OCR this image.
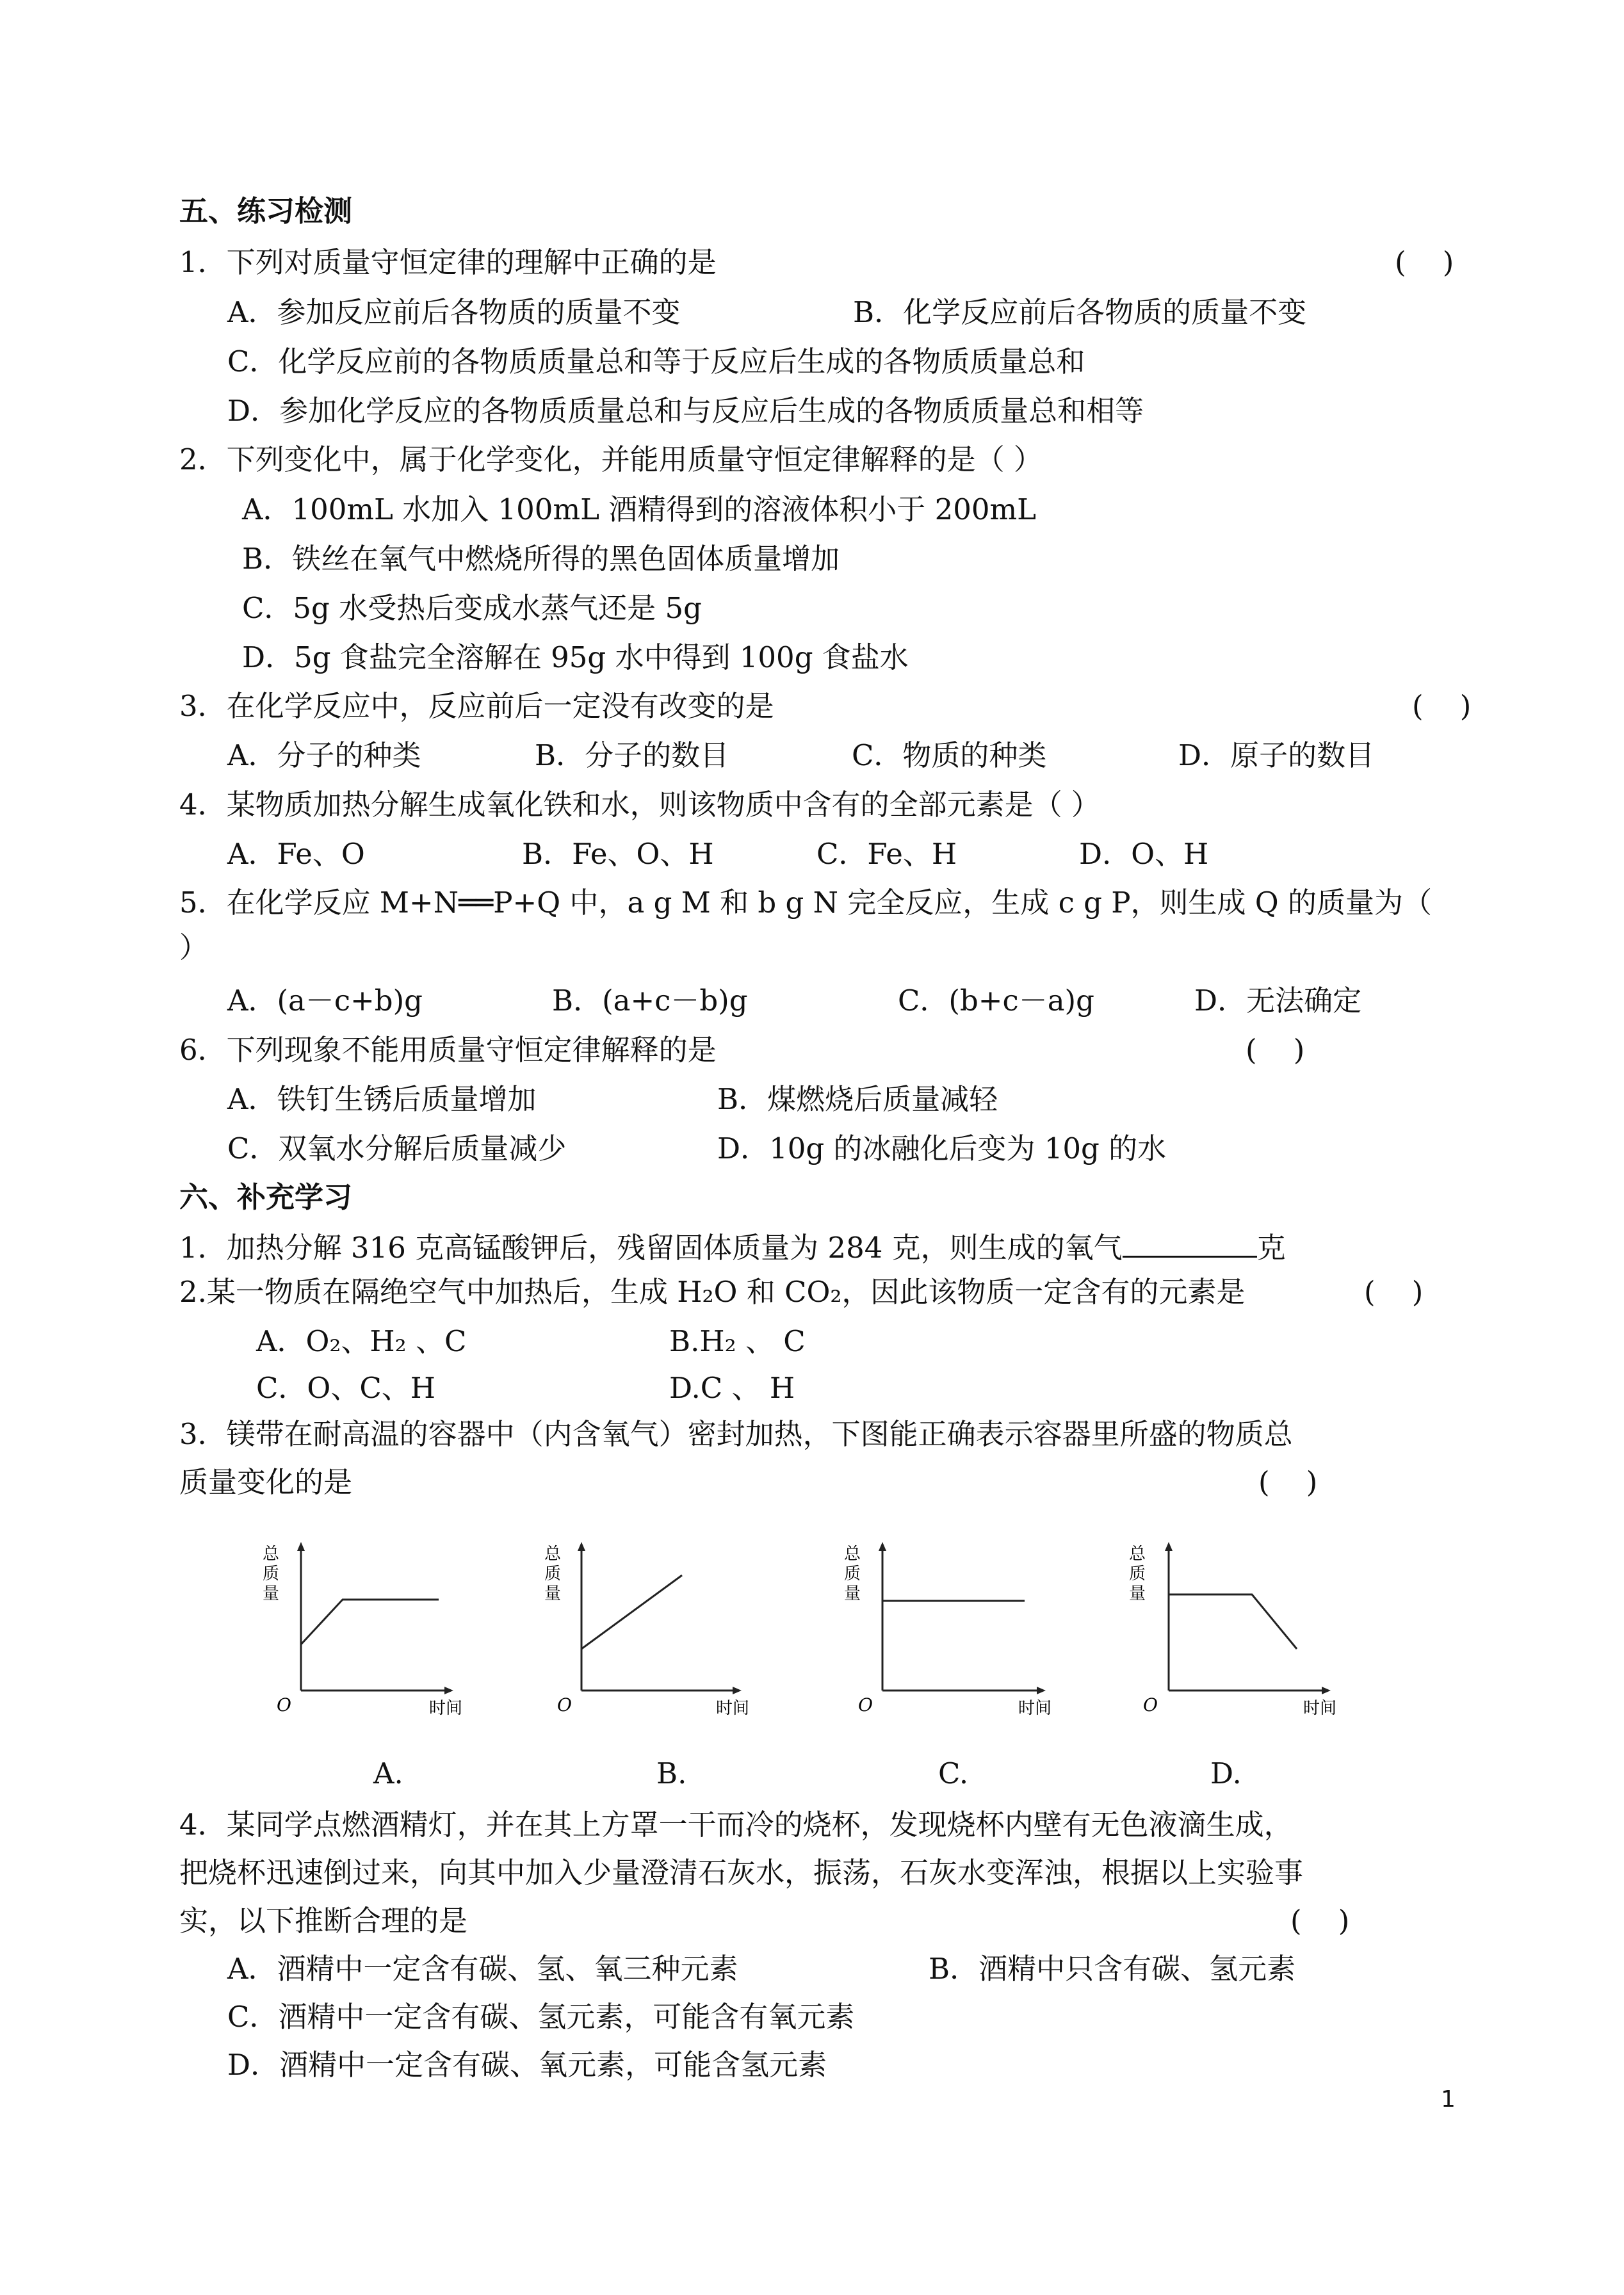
五、练习检测
1．下列对质量守恒定律的理解中正确的是	(    )
A．参加反应前后各物质的质量不变	B．化学反应前后各物质的质量不变
C．化学反应前的各物质质量总和等于反应后生成的各物质质量总和
D．参加化学反应的各物质质量总和与反应后生成的各物质质量总和相等
2．下列变化中，属于化学变化，并能用质量守恒定律解释的是（ ）
A．100mL 水加入 100mL 酒精得到的溶液体积小于 200mL
B．铁丝在氧气中燃烧所得的黑色固体质量增加
C．5g 水受热后变成水蒸气还是 5g
D．5g 食盐完全溶解在 95g 水中得到 100g 食盐水
3．在化学反应中，反应前后一定没有改变的是	(    )
A．分子的种类	B．分子的数目	C．物质的种类	D．原子的数目
4．某物质加热分解生成氧化铁和水，则该物质中含有的全部元素是（ ）
A．Fe、O	B．Fe、O、H	C．Fe、H	D．O、H
5．在化学反应 M+N══P+Q 中，a g M 和 b g N 完全反应，生成 c g P，则生成 Q 的质量为（
）
A．(a－c+b)g	B．(a+c－b)g	C．(b+c－a)g	D．无法确定
6．下列现象不能用质量守恒定律解释的是	(    )
A．铁钉生锈后质量增加	B．煤燃烧后质量减轻
C．双氧水分解后质量减少	D．10g 的冰融化后变为 10g 的水
六、补充学习
1．加热分解 316 克高锰酸钾后，残留固体质量为 284 克，则生成的氧气	克
2.某一物质在隔绝空气中加热后，生成 H₂O 和 CO₂，因此该物质一定含有的元素是	(    )
A．O₂、H₂ 、C	B.H₂ 、 C
C．O、C、H	D.C 、 H
3．镁带在耐高温的容器中（内含氧气）密封加热，下图能正确表示容器里所盛的物质总
质量变化的是	(    )
总
质
量
O	时间
A.
总
质
量
O	时间
B.
总
质
量
O	时间
C.
总
质
量
O	时间
D.
4．某同学点燃酒精灯，并在其上方罩一干而冷的烧杯，发现烧杯内壁有无色液滴生成，
把烧杯迅速倒过来，向其中加入少量澄清石灰水，振荡，石灰水变浑浊，根据以上实验事
实，以下推断合理的是	(    )
A．酒精中一定含有碳、氢、氧三种元素	B．酒精中只含有碳、氢元素
C．酒精中一定含有碳、氢元素，可能含有氧元素
D．酒精中一定含有碳、氧元素，可能含氢元素
1
